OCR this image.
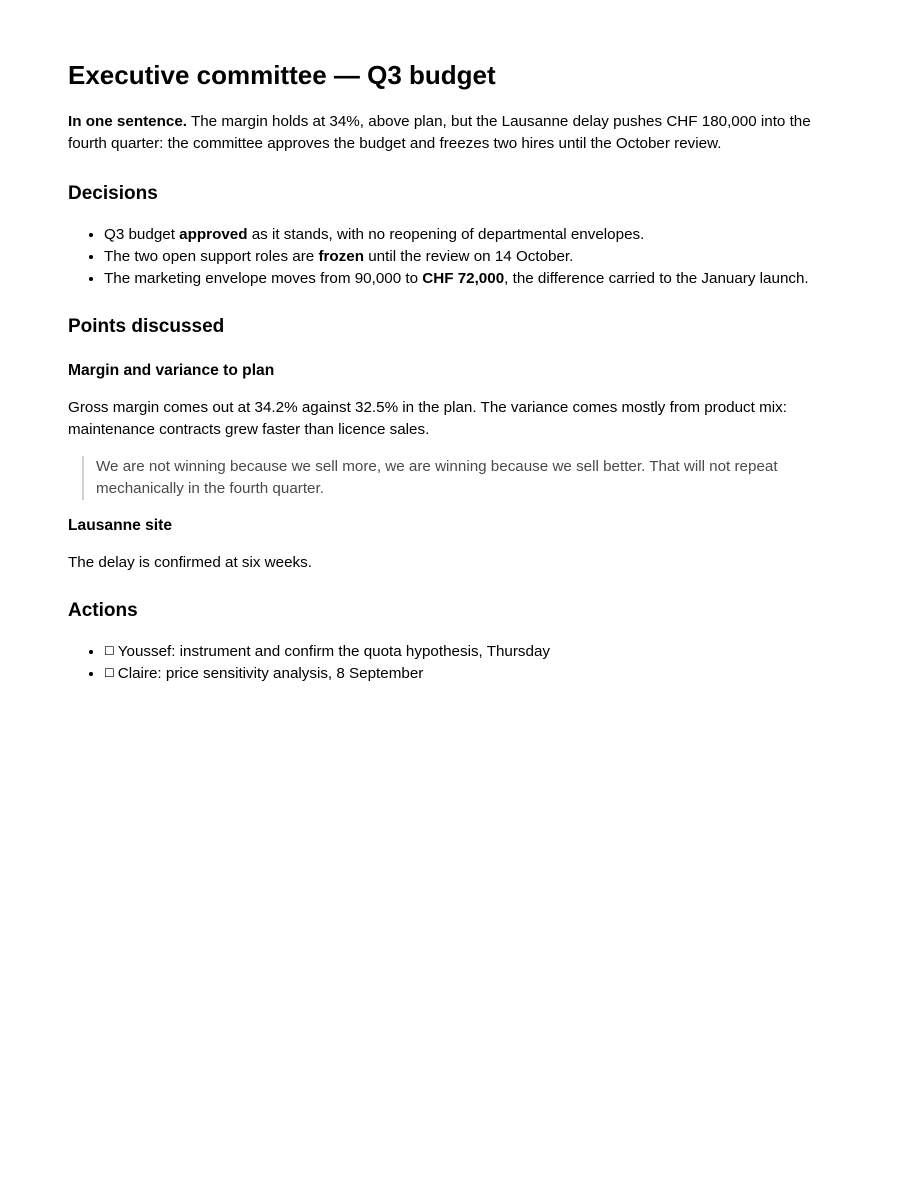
Executive committee — Q3 budget

In one sentence. The margin holds at 34%, above plan, but the Lausanne delay pushes CHF 180,000 into the fourth quarter: the committee approves the budget and freezes two hires until the October review.

Decisions
• Q3 budget approved as it stands, with no reopening of departmental envelopes.
• The two open support roles are frozen until the review on 14 October.
• The marketing envelope moves from 90,000 to CHF 72,000, the difference carried to the January launch.
Points discussed
Margin and variance to plan

Gross margin comes out at 34.2% against 32.5% in the plan. The variance comes mostly from product mix: maintenance contracts grew faster than licence sales.

We are not winning because we sell more, we are winning because we sell better. That will not repeat mechanically in the fourth quarter.
Lausanne site

The delay is confirmed at six weeks.

Actions
• ☐ Youssef: instrument and confirm the quota hypothesis, Thursday
• ☐ Claire: price sensitivity analysis, 8 September
